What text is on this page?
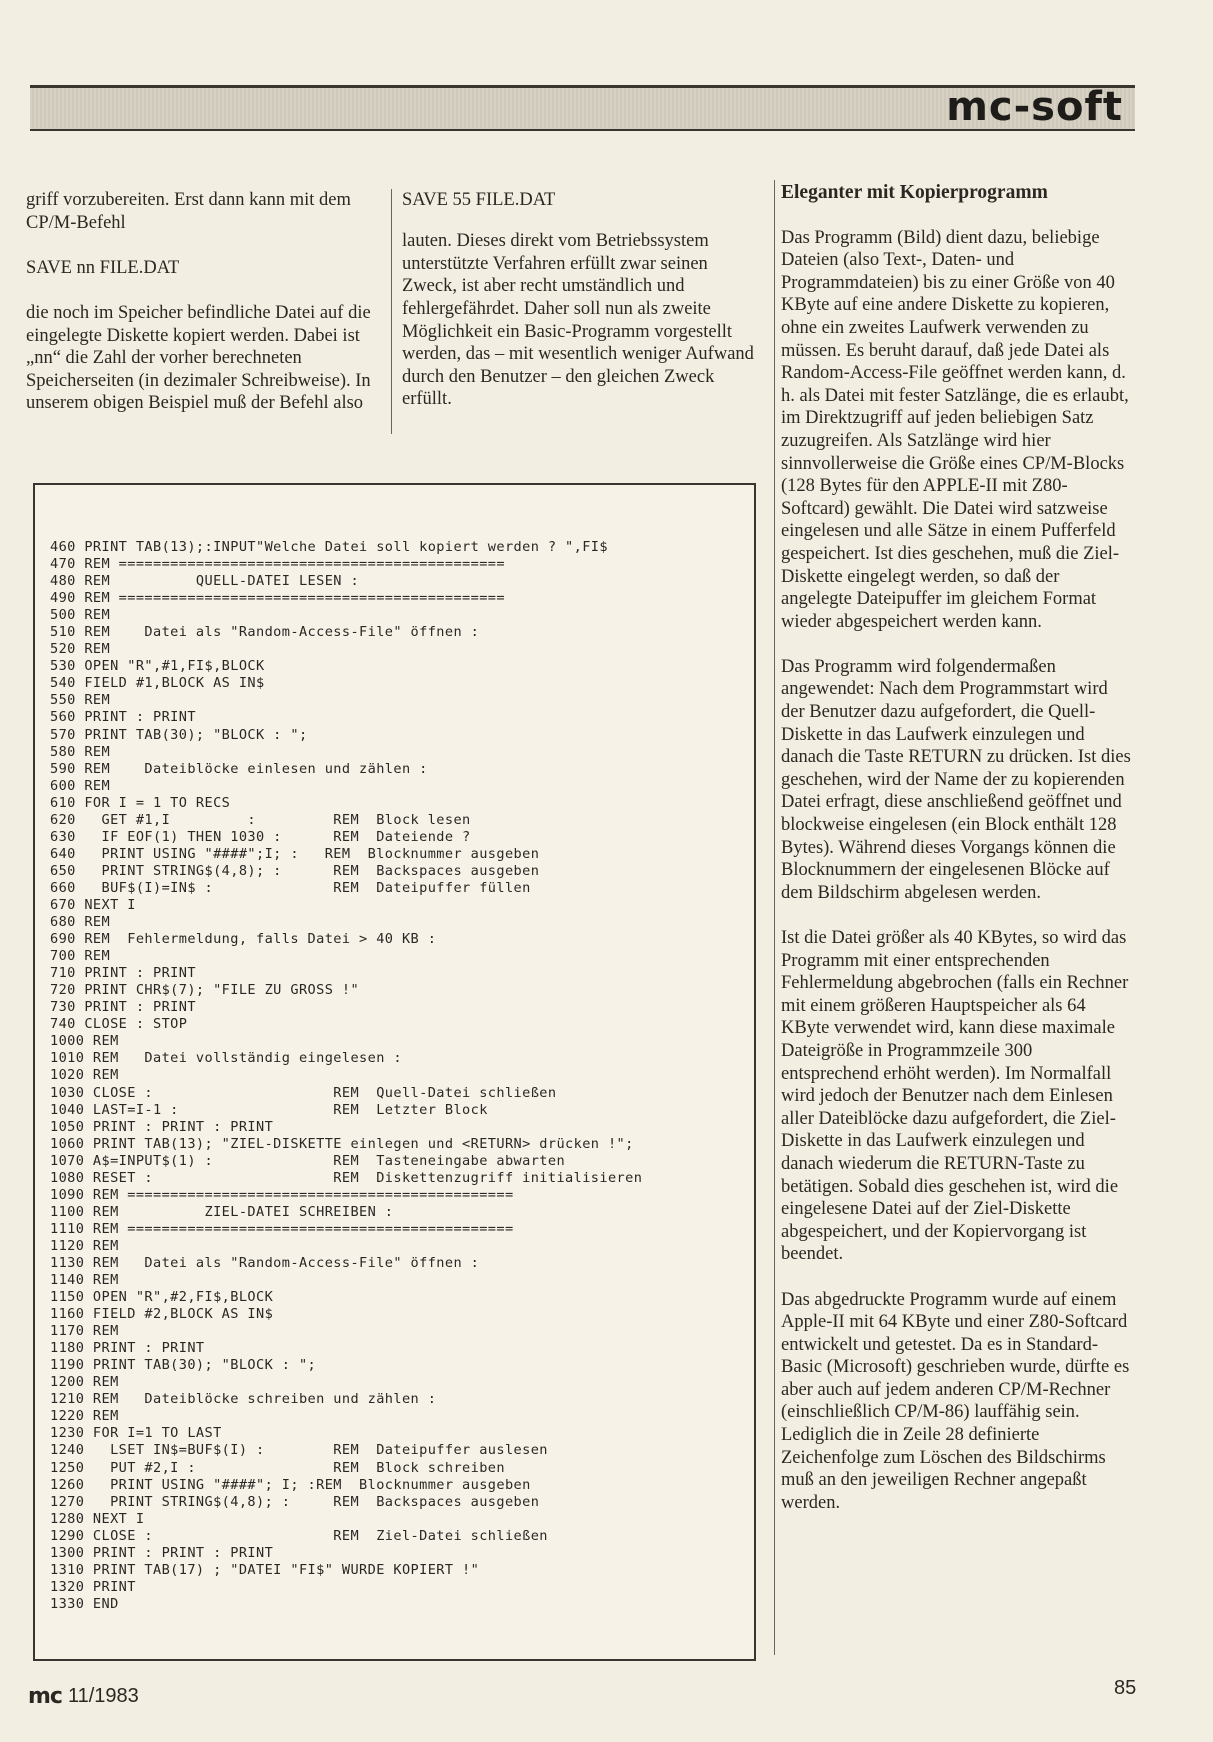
mc-soft

griff vorzubereiten. Erst dann kann mit dem CP/M-Befehl

SAVE nn FILE.DAT

die noch im Speicher befindliche Datei auf die eingelegte Diskette kopiert werden. Dabei ist „nn“ die Zahl der vorher berechneten Speicherseiten (in dezimaler Schreibweise). In unserem obigen Beispiel muß der Befehl also

SAVE 55 FILE.DAT

lauten. Dieses direkt vom Betriebssystem unterstützte Verfahren erfüllt zwar seinen Zweck, ist aber recht umständlich und fehlergefährdet. Daher soll nun als zweite Möglichkeit ein Basic-Programm vorgestellt werden, das – mit wesentlich weniger Aufwand durch den Benutzer – den gleichen Zweck erfüllt.

Eleganter mit Kopierprogramm

Das Programm (Bild) dient dazu, beliebige Dateien (also Text-, Daten- und Programmdateien) bis zu einer Größe von 40 KByte auf eine andere Diskette zu kopieren, ohne ein zweites Laufwerk verwenden zu müssen. Es beruht darauf, daß jede Datei als Random-Access-File geöffnet werden kann, d. h. als Datei mit fester Satzlänge, die es erlaubt, im Direktzugriff auf jeden beliebigen Satz zuzugreifen. Als Satzlänge wird hier sinnvollerweise die Größe eines CP/M-Blocks (128 Bytes für den APPLE-II mit Z80-Softcard) gewählt. Die Datei wird satzweise eingelesen und alle Sätze in einem Pufferfeld gespeichert. Ist dies geschehen, muß die Ziel-Diskette eingelegt werden, so daß der angelegte Dateipuffer im gleichem Format wieder abgespeichert werden kann.

Das Programm wird folgendermaßen angewendet: Nach dem Programmstart wird der Benutzer dazu aufgefordert, die Quell-Diskette in das Laufwerk einzulegen und danach die Taste RETURN zu drücken. Ist dies geschehen, wird der Name der zu kopierenden Datei erfragt, diese anschließend geöffnet und blockweise eingelesen (ein Block enthält 128 Bytes). Während dieses Vorgangs können die Blocknummern der eingelesenen Blöcke auf dem Bildschirm abgelesen werden.

Ist die Datei größer als 40 KBytes, so wird das Programm mit einer entsprechenden Fehlermeldung abgebrochen (falls ein Rechner mit einem größeren Hauptspeicher als 64 KByte verwendet wird, kann diese maximale Dateigröße in Programmzeile 300 entsprechend erhöht werden). Im Normalfall wird jedoch der Benutzer nach dem Einlesen aller Dateiblöcke dazu aufgefordert, die Ziel-Diskette in das Laufwerk einzulegen und danach wiederum die RETURN-Taste zu betätigen. Sobald dies geschehen ist, wird die eingelesene Datei auf der Ziel-Diskette abgespeichert, und der Kopiervorgang ist beendet.

Das abgedruckte Programm wurde auf einem Apple-II mit 64 KByte und einer Z80-Softcard entwickelt und getestet. Da es in Standard-Basic (Microsoft) geschrieben wurde, dürfte es aber auch auf jedem anderen CP/M-Rechner (einschließlich CP/M-86) lauffähig sein. Lediglich die in Zeile 28 definierte Zeichenfolge zum Löschen des Bildschirms muß an den jeweiligen Rechner angepaßt werden.

460 PRINT TAB(13);:INPUT"Welche Datei soll kopiert werden ? ",FI$
470 REM =============================================
480 REM          QUELL-DATEI LESEN :
490 REM =============================================
500 REM
510 REM    Datei als "Random-Access-File" öffnen :
520 REM
530 OPEN "R",#1,FI$,BLOCK
540 FIELD #1,BLOCK AS IN$
550 REM
560 PRINT : PRINT
570 PRINT TAB(30); "BLOCK : ";
580 REM
590 REM    Dateiblöcke einlesen und zählen :
600 REM
610 FOR I = 1 TO RECS
620   GET #1,I         :         REM  Block lesen
630   IF EOF(1) THEN 1030 :      REM  Dateiende ?
640   PRINT USING "####";I; :   REM  Blocknummer ausgeben
650   PRINT STRING$(4,8); :      REM  Backspaces ausgeben
660   BUF$(I)=IN$ :              REM  Dateipuffer füllen
670 NEXT I
680 REM
690 REM  Fehlermeldung, falls Datei > 40 KB :
700 REM
710 PRINT : PRINT
720 PRINT CHR$(7); "FILE ZU GROSS !"
730 PRINT : PRINT
740 CLOSE : STOP
1000 REM
1010 REM   Datei vollständig eingelesen :
1020 REM
1030 CLOSE :                     REM  Quell-Datei schließen
1040 LAST=I-1 :                  REM  Letzter Block
1050 PRINT : PRINT : PRINT
1060 PRINT TAB(13); "ZIEL-DISKETTE einlegen und <RETURN> drücken !";
1070 A$=INPUT$(1) :              REM  Tasteneingabe abwarten
1080 RESET :                     REM  Diskettenzugriff initialisieren
1090 REM =============================================
1100 REM          ZIEL-DATEI SCHREIBEN :
1110 REM =============================================
1120 REM
1130 REM   Datei als "Random-Access-File" öffnen :
1140 REM
1150 OPEN "R",#2,FI$,BLOCK
1160 FIELD #2,BLOCK AS IN$
1170 REM
1180 PRINT : PRINT
1190 PRINT TAB(30); "BLOCK : ";
1200 REM
1210 REM   Dateiblöcke schreiben und zählen :
1220 REM
1230 FOR I=1 TO LAST
1240   LSET IN$=BUF$(I) :        REM  Dateipuffer auslesen
1250   PUT #2,I :                REM  Block schreiben
1260   PRINT USING "####"; I; :REM  Blocknummer ausgeben
1270   PRINT STRING$(4,8); :     REM  Backspaces ausgeben
1280 NEXT I
1290 CLOSE :                     REM  Ziel-Datei schließen
1300 PRINT : PRINT : PRINT
1310 PRINT TAB(17) ; "DATEI "FI$" WURDE KOPIERT !"
1320 PRINT
1330 END
mc 11/1983	85
